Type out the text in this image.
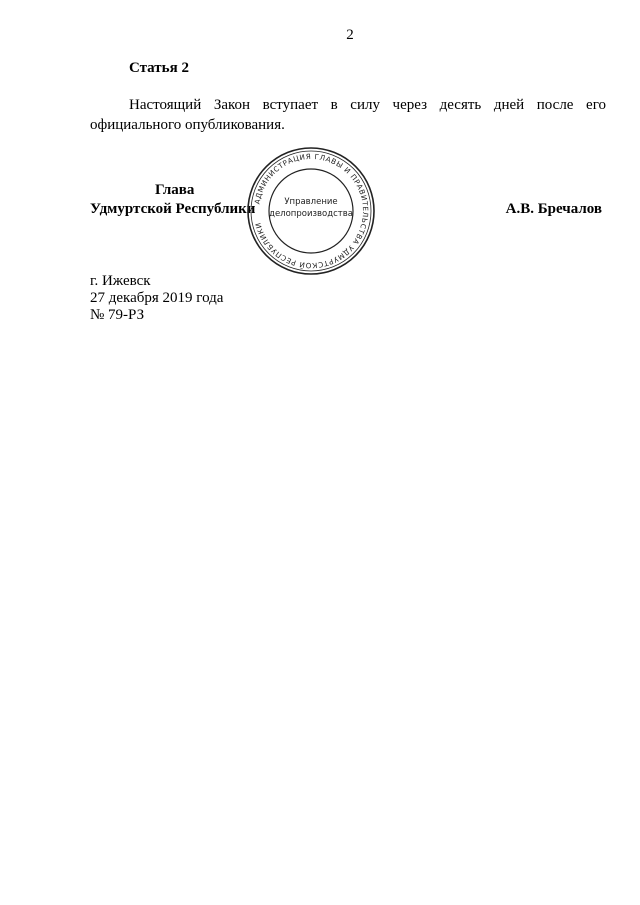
2
Статья 2
Настоящий Закон вступает в силу через десять дней после его официального опубликования.
Глава
Удмуртской Республики	А.В. Бречалов
АДМИНИСТРАЦИЯ ГЛАВЫ И ПРАВИТЕЛЬСТВА УДМУРТСКОЙ РЕСПУБЛИКИ
Управление
делопроизводства
г. Ижевск
27 декабря 2019 года
№ 79-РЗ
